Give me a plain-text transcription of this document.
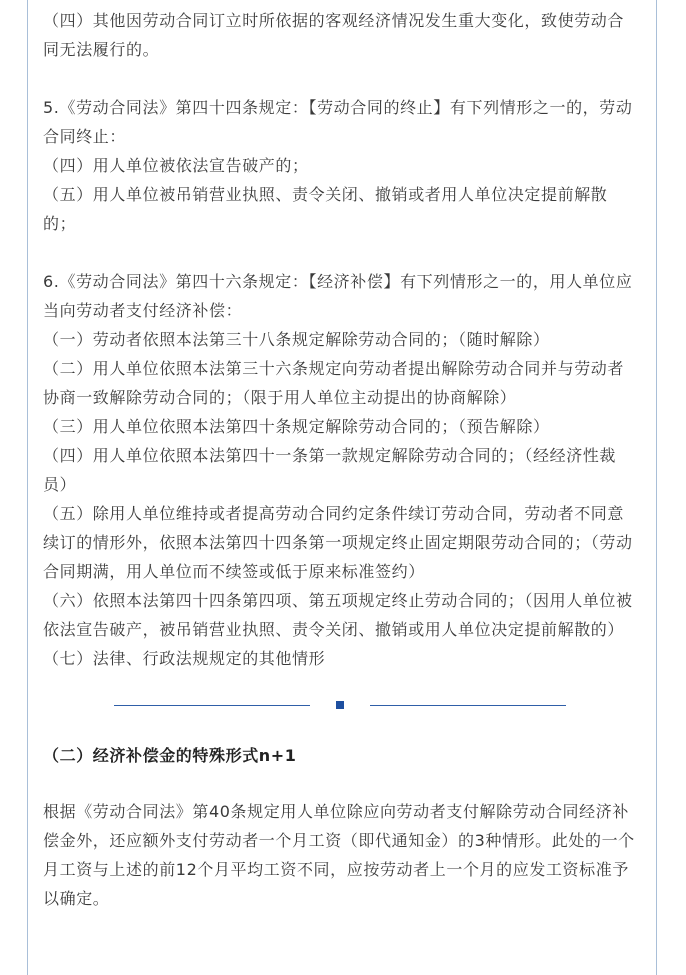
（四）其他因劳动合同订立时所依据的客观经济情况发生重大变化，致使劳动合同无法履行的。

5.《劳动合同法》第四十四条规定：【劳动合同的终止】有下列情形之一的，劳动合同终止：

（四）用人单位被依法宣告破产的；

（五）用人单位被吊销营业执照、责令关闭、撤销或者用人单位决定提前解散的；

6.《劳动合同法》第四十六条规定：【经济补偿】有下列情形之一的，用人单位应当向劳动者支付经济补偿：

（一）劳动者依照本法第三十八条规定解除劳动合同的；（随时解除）

（二）用人单位依照本法第三十六条规定向劳动者提出解除劳动合同并与劳动者协商一致解除劳动合同的；（限于用人单位主动提出的协商解除）

（三）用人单位依照本法第四十条规定解除劳动合同的；（预告解除）

（四）用人单位依照本法第四十一条第一款规定解除劳动合同的；（经经济性裁员）

（五）除用人单位维持或者提高劳动合同约定条件续订劳动合同，劳动者不同意续订的情形外，依照本法第四十四条第一项规定终止固定期限劳动合同的；（劳动合同期满，用人单位而不续签或低于原来标准签约）

（六）依照本法第四十四条第四项、第五项规定终止劳动合同的；（因用人单位被依法宣告破产，被吊销营业执照、责令关闭、撤销或用人单位决定提前解散的）

（七）法律、行政法规规定的其他情形

（二）经济补偿金的特殊形式n+1

根据《劳动合同法》第40条规定用人单位除应向劳动者支付解除劳动合同经济补偿金外，还应额外支付劳动者一个月工资（即代通知金）的3种情形。此处的一个月工资与上述的前12个月平均工资不同，应按劳动者上一个月的应发工资标准予以确定。
